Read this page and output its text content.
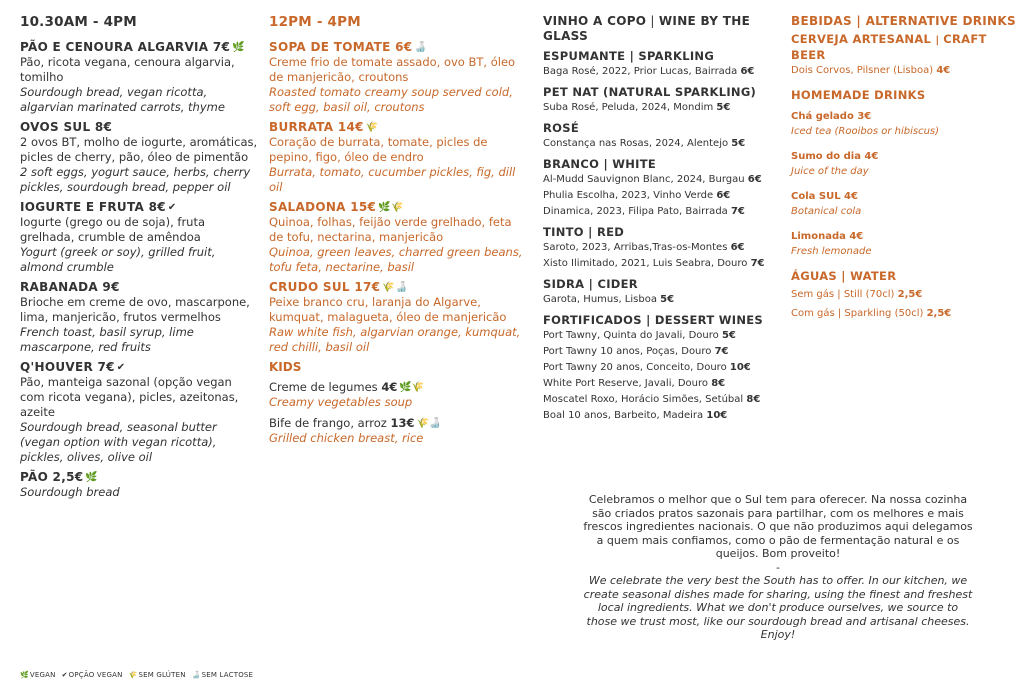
10.30AM - 4PM
PÃO E CENOURA ALGARVIA 7€🌿
Pão, ricota vegana, cenoura algarvia, tomilho
Sourdough bread, vegan ricotta, algarvian marinated carrots, thyme
OVOS SUL 8€
2 ovos BT, molho de iogurte, aromáticas, picles de cherry, pão, óleo de pimentão
2 soft eggs, yogurt sauce, herbs, cherry pickles, sourdough bread, pepper oil
IOGURTE E FRUTA 8€✔
Iogurte (grego ou de soja), fruta grelhada, crumble de amêndoa
Yogurt (greek or soy), grilled fruit, almond crumble
RABANADA 9€
Brioche em creme de ovo, mascarpone, lima, manjericão, frutos vermelhos
French toast, basil syrup, lime mascarpone, red fruits
Q'HOUVER 7€✔
Pão, manteiga sazonal (opção vegan com ricota vegana), picles, azeitonas, azeite
Sourdough bread, seasonal butter (vegan option with vegan ricotta), pickles, olives, olive oil
PÃO 2,5€🌿
Sourdough bread
12PM - 4PM
SOPA DE TOMATE 6€🍶
Creme frio de tomate assado, ovo BT, óleo de manjericão, croutons
Roasted tomato creamy soup served cold, soft egg, basil oil, croutons
BURRATA 14€🌾
Coração de burrata, tomate, picles de pepino, figo, óleo de endro
Burrata, tomato, cucumber pickles, fig, dill oil
SALADONA 15€🌿🌾
Quinoa, folhas, feijão verde grelhado, feta de tofu, nectarina, manjericão
Quinoa, green leaves, charred green beans, tofu feta, nectarine, basil
CRUDO SUL 17€🌾🍶
Peixe branco cru, laranja do Algarve, kumquat, malagueta, óleo de manjericão
Raw white fish, algarvian orange, kumquat, red chilli, basil oil
KIDS
Creme de legumes 4€🌿🌾
Creamy vegetables soup
Bife de frango, arroz 13€🌾🍶
Grilled chicken breast, rice
VINHO A COPO | WINE BY THE GLASS
ESPUMANTE | SPARKLING
Baga Rosé, 2022, Prior Lucas, Bairrada 6€
PET NAT (NATURAL SPARKLING)
Suba Rosé, Peluda, 2024, Mondim 5€
ROSÉ
Constança nas Rosas, 2024, Alentejo 5€
BRANCO | WHITE
Al-Mudd Sauvignon Blanc, 2024, Burgau 6€
Phulia Escolha, 2023, Vinho Verde 6€
Dinamica, 2023, Filipa Pato, Bairrada 7€
TINTO | RED
Saroto, 2023, Arribas,Tras-os-Montes 6€
Xisto Ilimitado, 2021, Luis Seabra, Douro 7€
SIDRA | CIDER
Garota, Humus, Lisboa 5€
FORTIFICADOS | DESSERT WINES
Port Tawny, Quinta do Javali, Douro 5€
Port Tawny 10 anos, Poças, Douro 7€
Port Tawny 20 anos, Conceito, Douro 10€
White Port Reserve, Javali, Douro 8€
Moscatel Roxo, Horácio Simões, Setúbal 8€
Boal 10 anos, Barbeito, Madeira 10€
BEBIDAS | ALTERNATIVE DRINKS
CERVEJA ARTESANAL | CRAFT BEER
Dois Corvos, Pilsner (Lisboa) 4€
HOMEMADE DRINKS
Chá gelado 3€
Iced tea (Rooibos or hibiscus)
Sumo do dia 4€
Juice of the day
Cola SUL 4€
Botanical cola
Limonada 4€
Fresh lemonade
ÁGUAS | WATER
Sem gás | Still (70cl) 2,5€
Com gás | Sparkling (50cl) 2,5€

Celebramos o melhor que o Sul tem para oferecer. Na nossa cozinha são criados pratos sazonais para partilhar, com os melhores e mais frescos ingredientes nacionais. O que não produzimos aqui delegamos a quem mais confiamos, como o pão de fermentação natural e os queijos. Bom proveito!

-

We celebrate the very best the South has to offer. In our kitchen, we create seasonal dishes made for sharing, using the finest and freshest local ingredients. What we don't produce ourselves, we source to those we trust most, like our sourdough bread and artisanal cheeses. Enjoy!

🌿VEGAN ✔OPÇÃO VEGAN 🌾SEM GLÚTEN 🍶SEM LACTOSE
